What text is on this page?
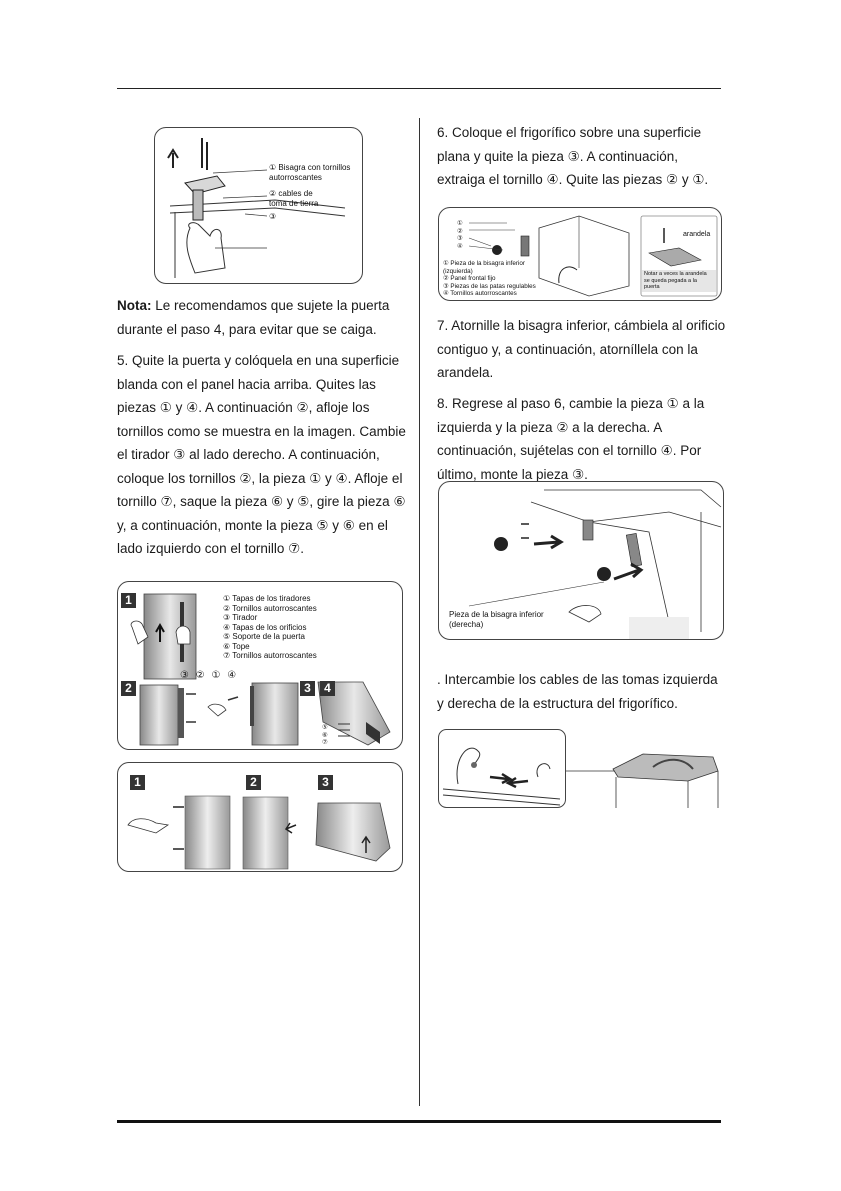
① Bisagra con tornillos
autorroscantes
② cables de
toma de tierra
③

Nota: Le recomendamos que sujete la puerta durante el paso 4, para evitar que se caiga.

5. Quite la puerta y colóquela en una superficie blanda con el panel hacia arriba. Quites las piezas ① y ④. A continuación ②, afloje los tornillos como se muestra en la imagen. Cambie el tirador ③ al lado derecho. A continuación, coloque los tornillos ②, la pieza ① y ④. Afloje el tornillo ⑦, saque la pieza ⑥ y ⑤, gire la pieza ⑥ y, a continuación, monte la pieza ⑤ y ⑥ en el lado izquierdo con el tornillo ⑦.

1
2	3	4
① Tapas de los tiradores
② Tornillos autorroscantes
③ Tirador
④ Tapas de los orificios
⑤ Soporte de la puerta
⑥ Tope
⑦ Tornillos autorroscantes
③ ② ① ④
⑤
⑥
⑦
1	2	3

6. Coloque el frigorífico sobre una superficie plana y quite la pieza ③. A continuación, extraiga el tornillo ④. Quite las piezas ② y ①.

①
②
③
④
① Pieza de la bisagra inferior
(izquierda)
② Panel frontal fijo
③ Piezas de las patas regulables
④ Tornillos autorroscantes
arandela
Notar a veces la arandela
se queda pegada a la
puerta

7. Atornille la bisagra inferior, cámbiela al orificio contiguo y, a continuación, atorníllela con la arandela.

8. Regrese al paso 6, cambie la pieza ① a la izquierda y la pieza ② a la derecha. A continuación, sujételas con el tornillo ④. Por último, monte la pieza ③.

Pieza de la bisagra inferior
(derecha)

. Intercambie los cables de las tomas izquierda y derecha de la estructura del frigorífico.
